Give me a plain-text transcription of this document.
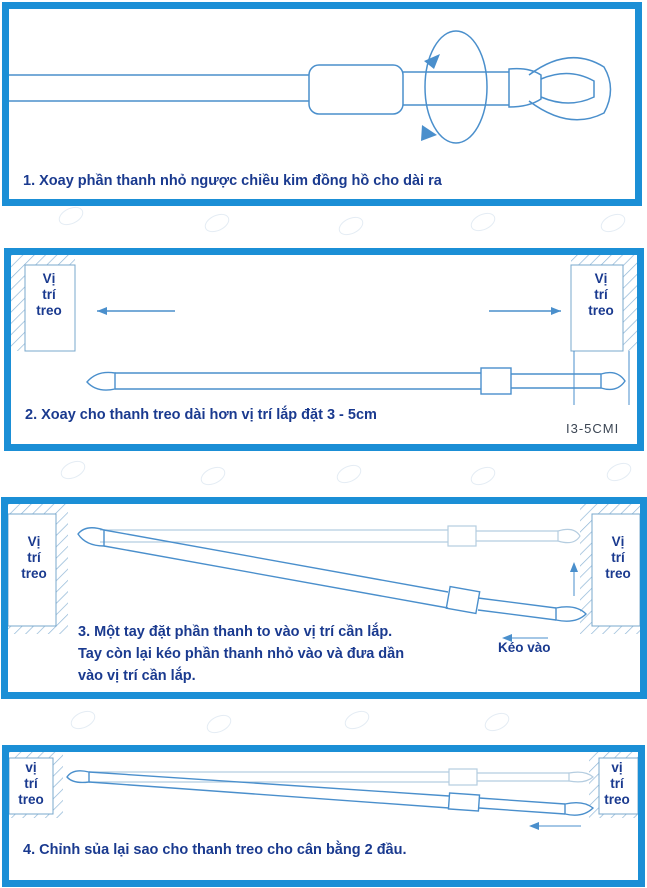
1. Xoay phần thanh nhỏ ngược chiều kim đồng hồ cho dài ra
Vị
trí
treo
Vị
trí
treo
2. Xoay cho thanh treo dài hơn vị trí lắp đặt 3 - 5cm
I3-5CMI
Vị
trí
treo
Vị
trí
treo
Kéo vào
3. Một tay đặt phần thanh to vào vị trí cần lắp.
Tay còn lại kéo phần thanh nhỏ vào và đưa dần
vào vị trí cần lắp.
vị
trí
treo
vị
trí
treo
4. Chỉnh sủa lại sao cho thanh treo cho cân bằng 2 đầu.
